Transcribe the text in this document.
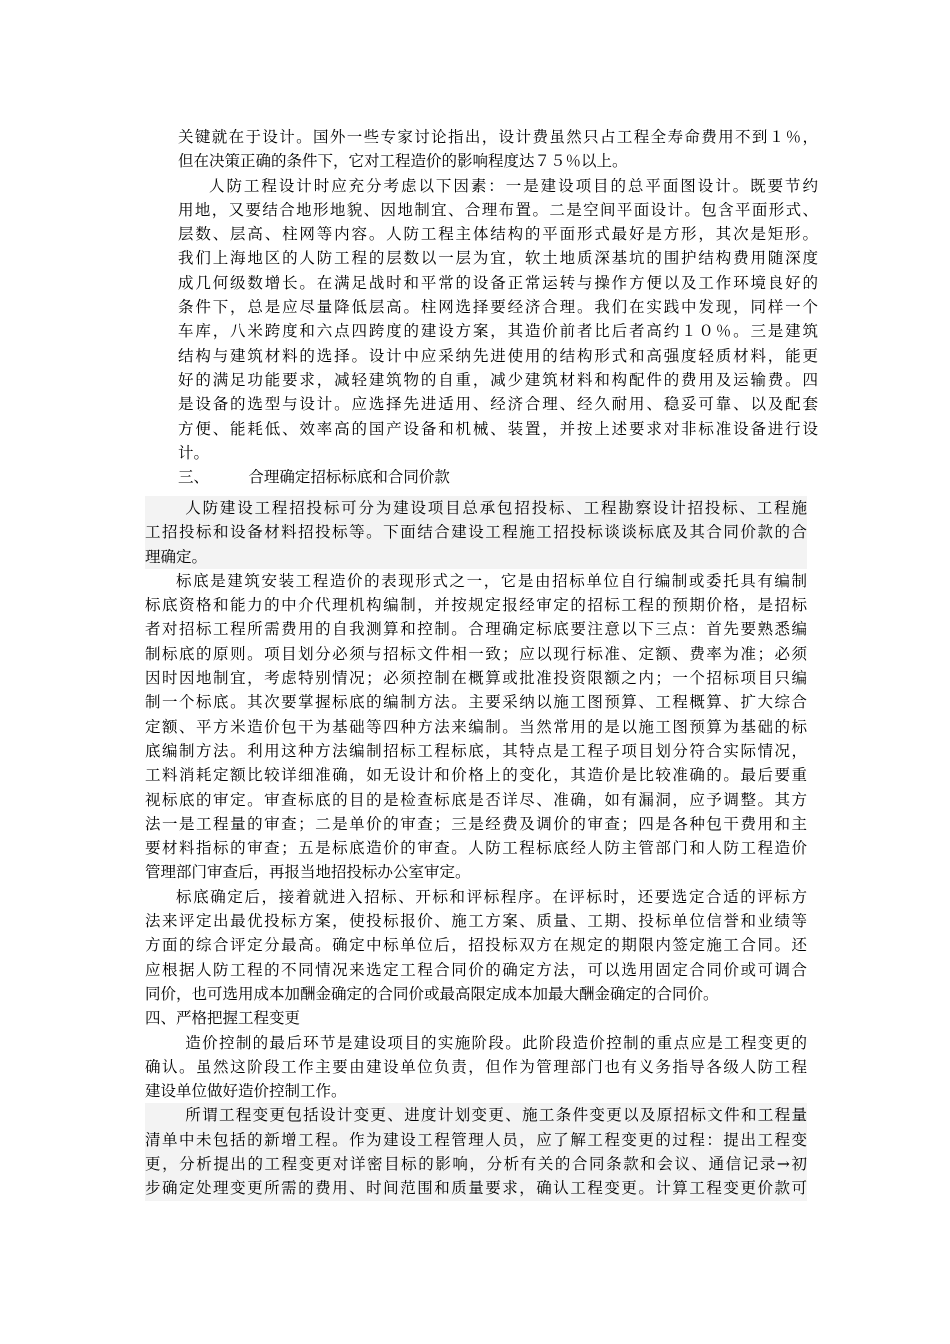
关键就在于设计。国外一些专家讨论指出，设计费虽然只占工程全寿命费用不到１％，
但在决策正确的条件下，它对工程造价的影响程度达７５％以上。
人防工程设计时应充分考虑以下因素：一是建设项目的总平面图设计。既要节约
用地，又要结合地形地貌、因地制宜、合理布置。二是空间平面设计。包含平面形式、
层数、层高、柱网等内容。人防工程主体结构的平面形式最好是方形，其次是矩形。
我们上海地区的人防工程的层数以一层为宜，软土地质深基坑的围护结构费用随深度
成几何级数增长。在满足战时和平常的设备正常运转与操作方便以及工作环境良好的
条件下，总是应尽量降低层高。柱网选择要经济合理。我们在实践中发现，同样一个
车库，八米跨度和六点四跨度的建设方案，其造价前者比后者高约１０％。三是建筑
结构与建筑材料的选择。设计中应采纳先进使用的结构形式和高强度轻质材料，能更
好的满足功能要求，减轻建筑物的自重，减少建筑材料和构配件的费用及运输费。四
是设备的选型与设计。应选择先进适用、经济合理、经久耐用、稳妥可靠、以及配套
方便、能耗低、效率高的国产设备和机械、装置，并按上述要求对非标准设备进行设
计。
三、        合理确定招标标底和合同价款
人防建设工程招投标可分为建设项目总承包招投标、工程勘察设计招投标、工程施
工招投标和设备材料招投标等。下面结合建设工程施工招投标谈谈标底及其合同价款的合
理确定。
标底是建筑安装工程造价的表现形式之一，它是由招标单位自行编制或委托具有编制
标底资格和能力的中介代理机构编制，并按规定报经审定的招标工程的预期价格，是招标
者对招标工程所需费用的自我测算和控制。合理确定标底要注意以下三点：首先要熟悉编
制标底的原则。项目划分必须与招标文件相一致；应以现行标准、定额、费率为准；必须
因时因地制宜，考虑特别情况；必须控制在概算或批准投资限额之内；一个招标项目只编
制一个标底。其次要掌握标底的编制方法。主要采纳以施工图预算、工程概算、扩大综合
定额、平方米造价包干为基础等四种方法来编制。当然常用的是以施工图预算为基础的标
底编制方法。利用这种方法编制招标工程标底，其特点是工程子项目划分符合实际情况，
工料消耗定额比较详细准确，如无设计和价格上的变化，其造价是比较准确的。最后要重
视标底的审定。审查标底的目的是检查标底是否详尽、准确，如有漏洞，应予调整。其方
法一是工程量的审查；二是单价的审查；三是经费及调价的审查；四是各种包干费用和主
要材料指标的审查；五是标底造价的审查。人防工程标底经人防主管部门和人防工程造价
管理部门审查后，再报当地招投标办公室审定。
标底确定后，接着就进入招标、开标和评标程序。在评标时，还要选定合适的评标方
法来评定出最优投标方案，使投标报价、施工方案、质量、工期、投标单位信誉和业绩等
方面的综合评定分最高。确定中标单位后，招投标双方在规定的期限内签定施工合同。还
应根据人防工程的不同情况来选定工程合同价的确定方法，可以选用固定合同价或可调合
同价，也可选用成本加酬金确定的合同价或最高限定成本加最大酬金确定的合同价。
四、严格把握工程变更
造价控制的最后环节是建设项目的实施阶段。此阶段造价控制的重点应是工程变更的
确认。虽然这阶段工作主要由建设单位负责，但作为管理部门也有义务指导各级人防工程
建设单位做好造价控制工作。
所谓工程变更包括设计变更、进度计划变更、施工条件变更以及原招标文件和工程量
清单中未包括的新增工程。作为建设工程管理人员，应了解工程变更的过程：提出工程变
更，分析提出的工程变更对详密目标的影响，分析有关的合同条款和会议、通信记录→初
步确定处理变更所需的费用、时间范围和质量要求，确认工程变更。计算工程变更价款可
